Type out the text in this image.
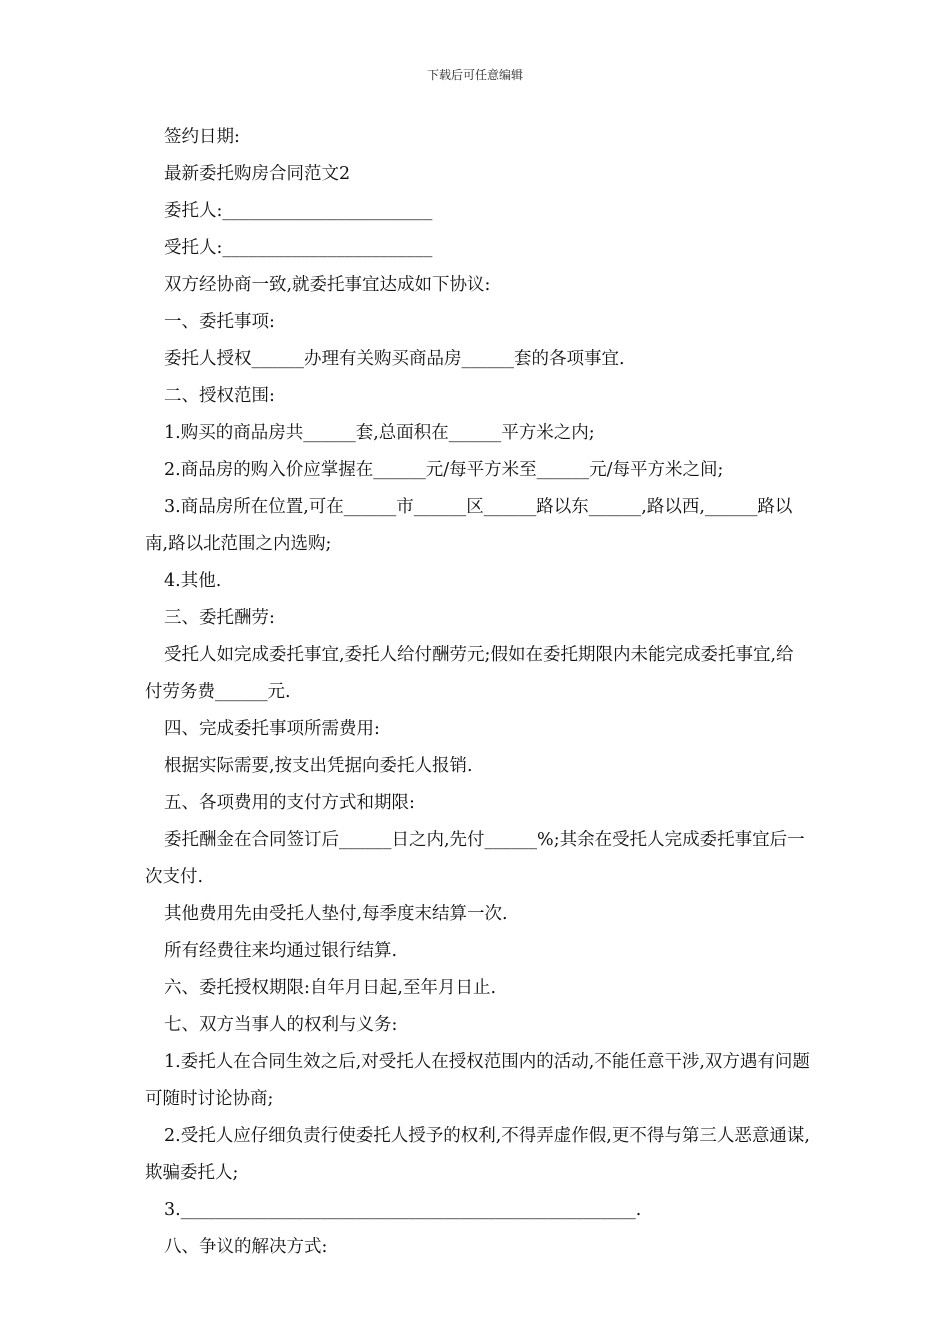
下载后可任意编辑

签约日期:

最新委托购房合同范文2

委托人:________________________

受托人:________________________

双方经协商一致,就委托事宜达成如下协议:

一、委托事项:

委托人授权______办理有关购买商品房______套的各项事宜.

二、授权范围:

1.购买的商品房共______套,总面积在______平方米之内;

2.商品房的购入价应掌握在______元/每平方米至______元/每平方米之间;

3.商品房所在位置,可在______市______区______路以东______,路以西,______路以南,路以北范围之内选购;

4.其他.

三、委托酬劳:

受托人如完成委托事宜,委托人给付酬劳元;假如在委托期限内未能完成委托事宜,给付劳务费______元.

四、完成委托事项所需费用:

根据实际需要,按支出凭据向委托人报销.

五、各项费用的支付方式和期限:

委托酬金在合同签订后______日之内,先付______%;其余在受托人完成委托事宜后一次支付.

其他费用先由受托人垫付,每季度末结算一次.

所有经费往来均通过银行结算.

六、委托授权期限:自年月日起,至年月日止.

七、双方当事人的权利与义务:

1.委托人在合同生效之后,对受托人在授权范围内的活动,不能任意干涉,双方遇有问题可随时讨论协商;

2.受托人应仔细负责行使委托人授予的权利,不得弄虚作假,更不得与第三人恶意通谋,欺骗委托人;

3.____________________________________________________.

八、争议的解决方式:
